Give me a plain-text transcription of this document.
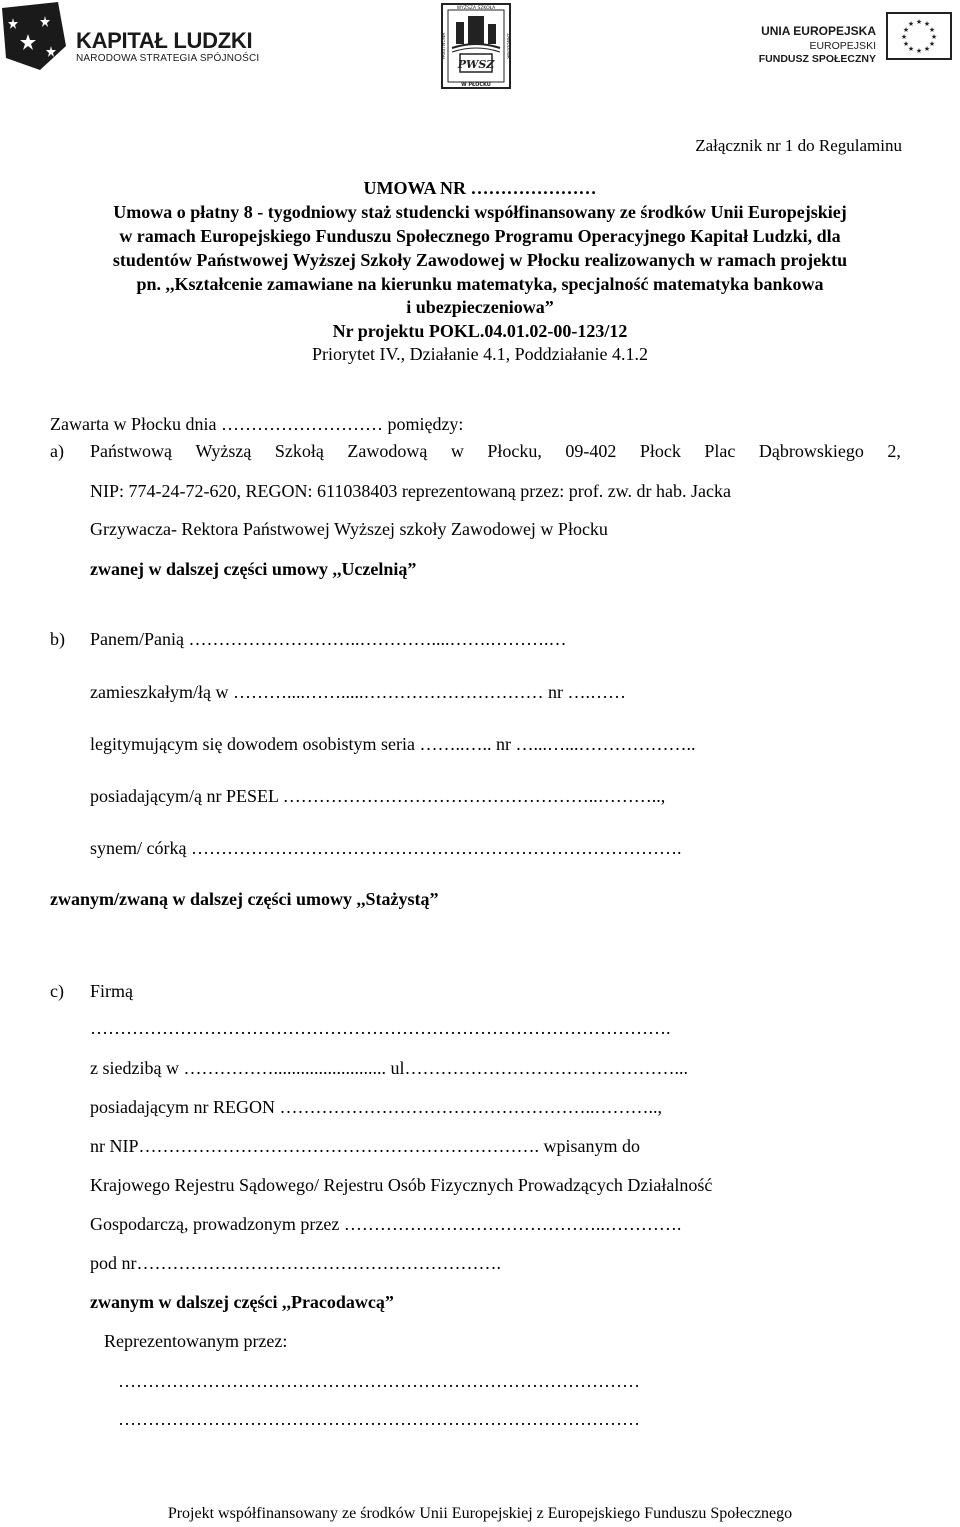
KAPITAŁ LUDZKI
NARODOWA STRATEGIA SPÓJNOŚCI	PWSZ
WYŻSZA SZKOŁA
PAŃSTWOWA	ZAWODOWA
W PŁOCKU
UNIA EUROPEJSKA
EUROPEJSKI
FUNDUSZ SPOŁECZNY
★ ★
★
★
★
★
★
★
★
★
★
★
Załącznik nr 1 do Regulaminu
UMOWA NR …………………
Umowa o płatny 8 - tygodniowy staż studencki współfinansowany ze środków Unii Europejskiej
w ramach Europejskiego Funduszu Społecznego Programu Operacyjnego Kapitał Ludzki, dla
studentów Państwowej Wyższej Szkoły Zawodowej w Płocku realizowanych w ramach projektu
pn. ,,Kształcenie zamawiane na kierunku matematyka, specjalność matematyka bankowa
i ubezpieczeniowa”
Nr projektu POKL.04.01.02-00-123/12
Priorytet IV., Działanie 4.1, Poddziałanie 4.1.2
Zawarta w Płocku dnia ……………………… pomiędzy:
a) Państwową Wyższą Szkołą Zawodową w Płocku, 09-402 Płock Plac Dąbrowskiego 2,
NIP: 774-24-72-620, REGON: 611038403 reprezentowaną przez: prof. zw. dr hab. Jacka
Grzywacza- Rektora Państwowej Wyższej szkoły Zawodowej w Płocku
zwanej w dalszej części umowy ,,Uczelnią”
b) Panem/Panią ………………………..…………....…….……….…
zamieszkałym/łą w ………....…….....………………………… nr ….……
legitymującym się dowodem osobistym seria ……..….. nr …...…...………………..
posiadającym/ą nr PESEL ……………………………………………..………..,
synem/ córką ……………………………………………………………………….
zwanym/zwaną w dalszej części umowy ,,Stażystą”
c) Firmą
…………………………………………………………………………………….
z siedzibą w ……………......................... ul………………………………………...
posiadającym nr REGON ……………………………………………..………..,
nr NIP…………………………………………………………. wpisanym do
Krajowego Rejestru Sądowego/ Rejestru Osób Fizycznych Prowadzących Działalność
Gospodarczą, prowadzonym przez ……………………………………..………….
pod nr…………………………………………………….
zwanym w dalszej części ,,Pracodawcą”
Reprezentowanym przez:
……………………………………………………………………………
……………………………………………………………………………
Projekt współfinansowany ze środków Unii Europejskiej z Europejskiego Funduszu Społecznego
